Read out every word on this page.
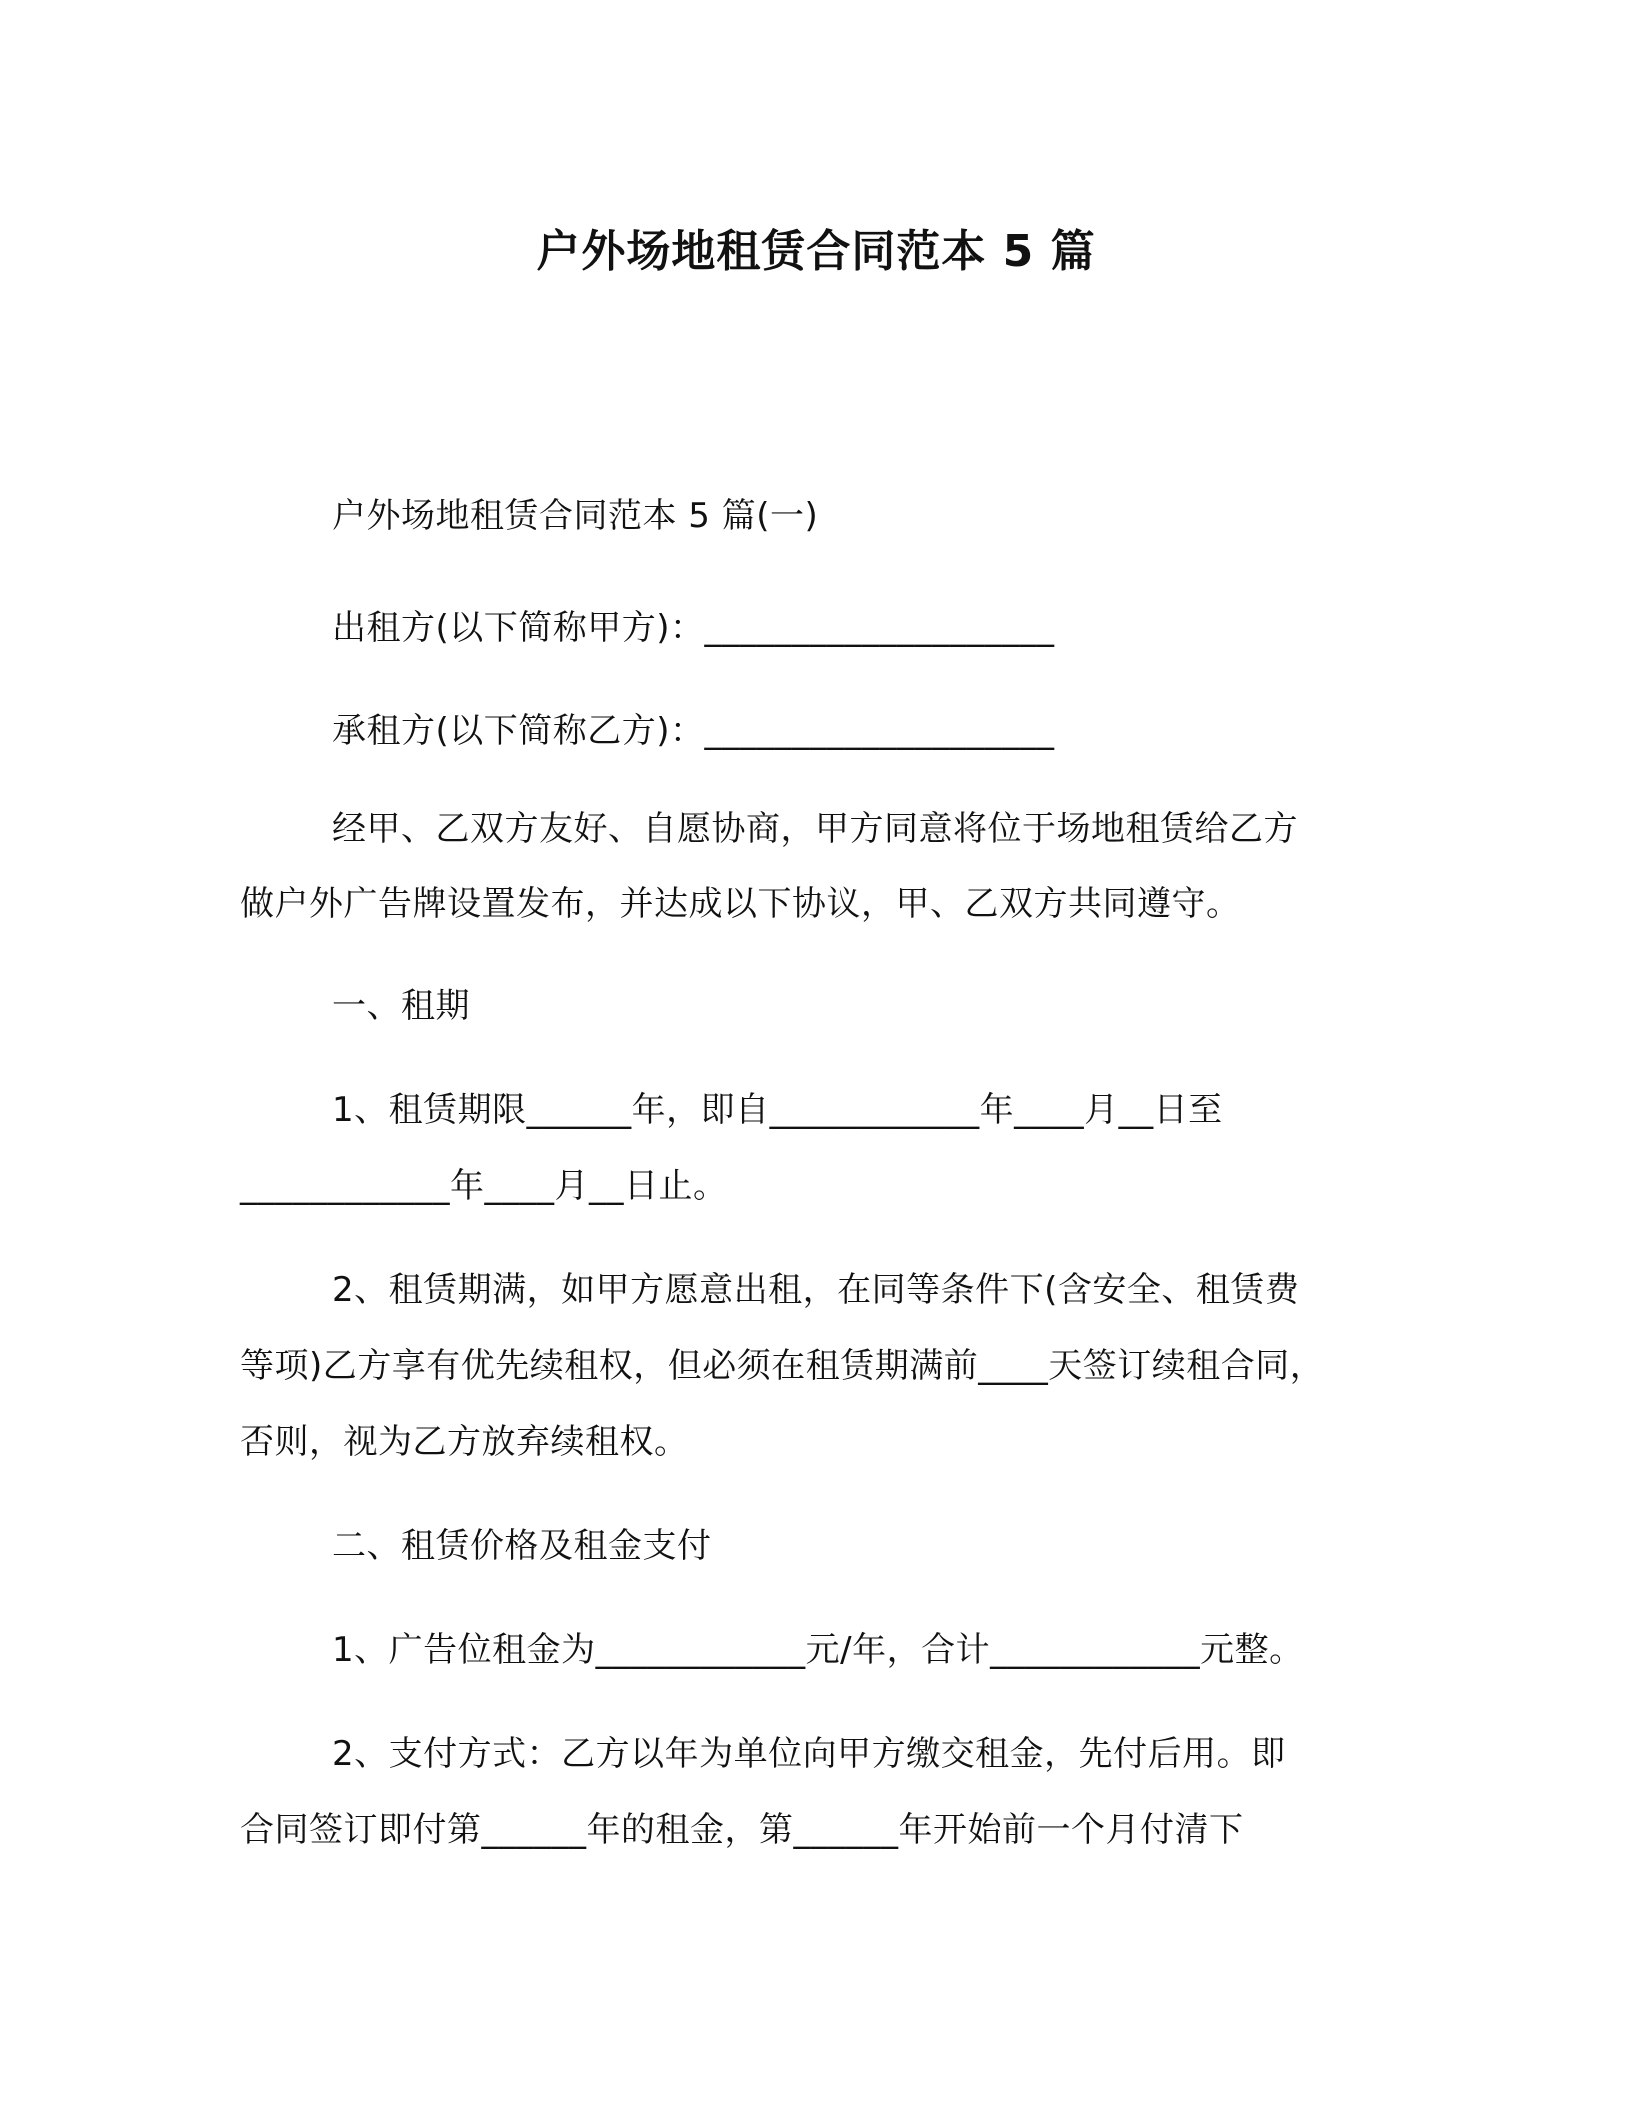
户外场地租赁合同范本 5 篇
户外场地租赁合同范本 5 篇(一)
出租方(以下简称甲方)：____________________
承租方(以下简称乙方)：____________________
经甲、乙双方友好、自愿协商，甲方同意将位于场地租赁给乙方
做户外广告牌设置发布，并达成以下协议，甲、乙双方共同遵守。
一、租期
1、租赁期限______年，即自____________年____月__日至
____________年____月__日止。
2、租赁期满，如甲方愿意出租，在同等条件下(含安全、租赁费
等项)乙方享有优先续租权，但必须在租赁期满前____天签订续租合同，
否则，视为乙方放弃续租权。
二、租赁价格及租金支付
1、广告位租金为____________元/年，合计____________元整。
2、支付方式：乙方以年为单位向甲方缴交租金，先付后用。即
合同签订即付第______年的租金，第______年开始前一个月付清下
